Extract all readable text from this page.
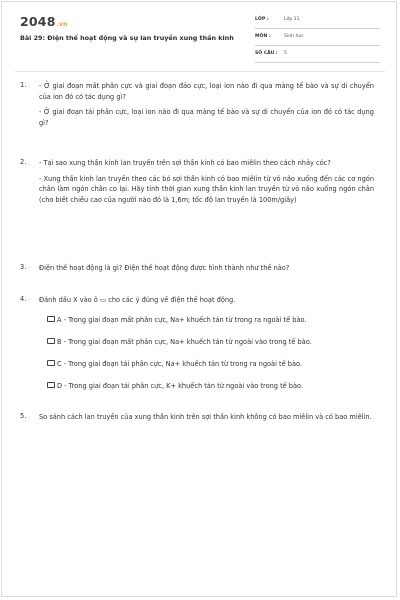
2048.vn
Bài 29: Điện thế hoạt động và sự lan truyền xung thần kinh
LỚP :	Lớp 11
MÔN :	Sinh học
SỐ CÂU : 5
1. - Ở giai đoạn mất phân cực và giai đoạn đảo cực, loại ion nào đi qua màng tế bào và sự di chuyển của ion đó có tác dụng gì?

- Ở giai đoạn tái phân cực, loại ion nào đi qua màng tế bào và sự di chuyển của ion đó có tác dụng gì?

2. - Tại sao xung thần kinh lan truyền trên sợi thần kinh có bao miêlin theo cách nhảy cóc?

- Xung thần kinh lan truyền theo các bó sợi thần kinh có bao miêlin từ vỏ não xuống đến các cơ ngón chân làm ngón chân co lại. Hãy tính thời gian xung thần kinh lan truyền từ vỏ não xuống ngón chân (cho biết chiều cao của người nào đó là 1,6m; tốc độ lan truyền là 100m/giây)

3. Điện thế hoạt động là gì? Điện thế hoạt động được hình thành như thế nào?

4. Đánh dấu X vào ô ▭ cho các ý đúng về điện thế hoạt động.

A - Trong giai đoạn mất phân cực, Na+ khuếch tán từ trong ra ngoài tế bào.
B - Trong giai đoạn mất phân cực, Na+ khuếch tán từ ngoài vào trong tế bào.
C - Trong giai đoạn tái phân cực, Na+ khuếch tán từ trong ra ngoài tế bào.
D - Trong giai đoạn tái phân cực, K+ khuếch tán từ ngoài vào trong tế bào.
5. So sánh cách lan truyền của xung thần kinh trên sợi thần kinh không có bao miêlin và có bao miêlin.
